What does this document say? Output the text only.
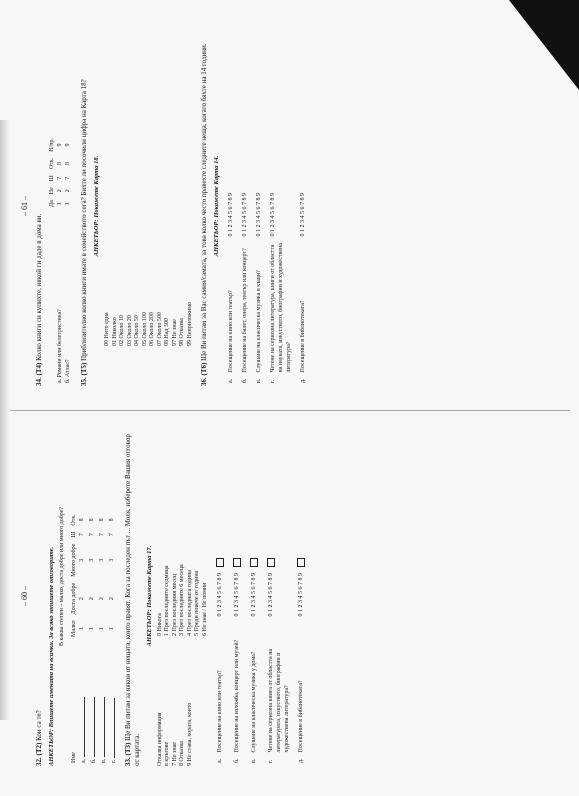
– 60 –
32. (T2) Кои са те? АНКЕТЬОР: Впишете имената на всички. За всяко запишете отговорите. В каква степен – малко, доста добре или много добре?
Име	Малко	Доста добре	Много добре	Ш	Отк.
а.	1	2	3	7	8
б.	1	2	3	7	8
в.	1	2	3	7	8
г.	1	2	3	7	8
33. (T3) Ще Ви питам за някои от нещата, които правят. Кога за последен път ... Моля, изберете Вашия отговор от картата.
АНКЕТЬОР: Покажете Карта 17.
Отказва информация в кръгове 7 Не знае 8 Отказва 9 Не става, хората, които
0 Никога 1 През последните седмица 2 През последния месец 3 През последните 6 месеца 4 През последната година 5 Преди повече от година 6 Не знае / Не помни
a.	Посещение на кино или театър?	0 1 2 3 4 5 6 7 8 9	
б.	Посещение на изложба, концерт или музей?	0 1 2 3 4 5 6 7 8 9	
в.	Слушане на класическа музика у дома?	0 1 2 3 4 5 6 7 8 9	
г.	Четене на сериозна книга от областта на литературата, изкуството, биографии и художествена литература?	0 1 2 3 4 5 6 7 8 9	
д.	Посещение в библиотеката?	0 1 2 3 4 5 6 7 8 9	
– 61 –
34. (T4) Колко книги си купихте, някой ги даде в дома ви.
	Да	Не	Ш	Отк.	Н/пр.
а. Романи или белетристика?	1	2	7	8	9
б. Атлас?	1	2	7	8	9
35. (T5) Приблизително колко книги имате в семейството сега? Бихте ли посочили цифра на Карта 18? АНКЕТЬОР: Покажете Карта 18.
00 Нито една 01 Няколко 02 Около 10 03 Около 20 04 Около 50 05 Около 100 06 Около 200 07 Около 500 08 Над 500 97 Не знае 98 Отказва 99 Неприложимо
36. (T6) Ще Ви питам за Вас самия/самата, за това колко често правехте следните неща, когато бяхте на 14 години. АНКЕТЬОР: Покажете Карта 14.
a.	Посещение на кино или театър?	0 1 2 3 4 5 6 7 8 9
б.	Посещение на балет, опера, театър или концерт?	0 1 2 3 4 5 6 7 8 9
в.	Слушане на класическа музика в къщи?	0 1 2 3 4 5 6 7 8 9
г.	Четене на сериозна литература, книги от областта на науката, изкуството, биографии и художествена литература?	0 1 2 3 4 5 6 7 8 9
д.	Посещение в библиотеката?	0 1 2 3 4 5 6 7 8 9
